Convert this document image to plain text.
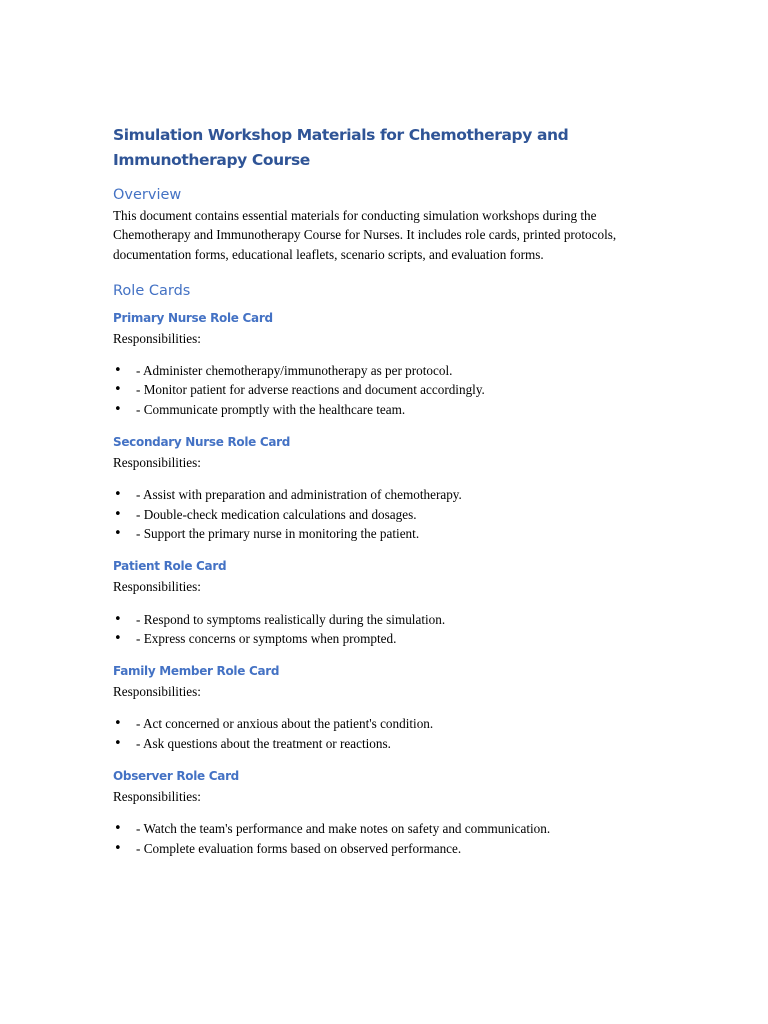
Simulation Workshop Materials for Chemotherapy and Immunotherapy Course
Overview

This document contains essential materials for conducting simulation workshops during the Chemotherapy and Immunotherapy Course for Nurses. It includes role cards, printed protocols, documentation forms, educational leaflets, scenario scripts, and evaluation forms.

Role Cards
Primary Nurse Role Card

Responsibilities:

• - Administer chemotherapy/immunotherapy as per protocol.
• - Monitor patient for adverse reactions and document accordingly.
• - Communicate promptly with the healthcare team.
Secondary Nurse Role Card

Responsibilities:

• - Assist with preparation and administration of chemotherapy.
• - Double-check medication calculations and dosages.
• - Support the primary nurse in monitoring the patient.
Patient Role Card

Responsibilities:

• - Respond to symptoms realistically during the simulation.
• - Express concerns or symptoms when prompted.
Family Member Role Card

Responsibilities:

• - Act concerned or anxious about the patient's condition.
• - Ask questions about the treatment or reactions.
Observer Role Card

Responsibilities:

• - Watch the team's performance and make notes on safety and communication.
• - Complete evaluation forms based on observed performance.
